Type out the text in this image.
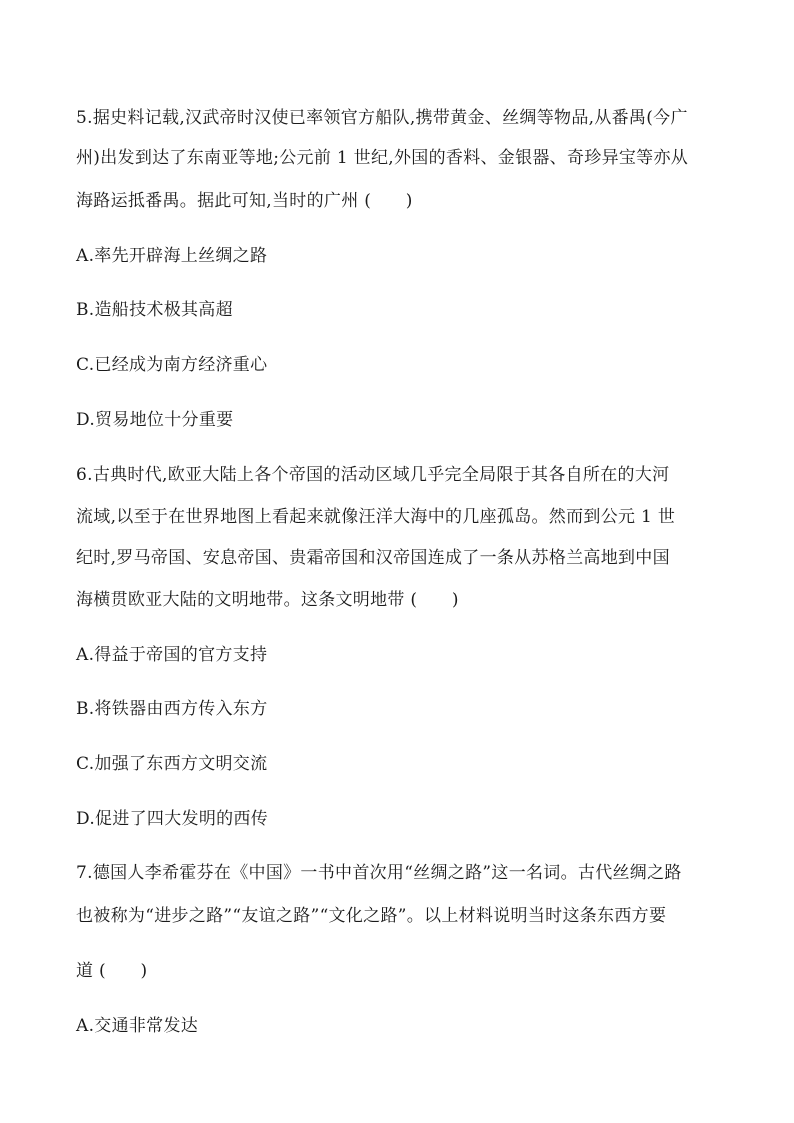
5.据史料记载,汉武帝时汉使已率领官方船队,携带黄金、丝绸等物品,从番禺(今广
州)出发到达了东南亚等地;公元前 1 世纪,外国的香料、金银器、奇珍异宝等亦从
海路运抵番禺。据此可知,当时的广州 (　　)
A.率先开辟海上丝绸之路
B.造船技术极其高超
C.已经成为南方经济重心
D.贸易地位十分重要
6.古典时代,欧亚大陆上各个帝国的活动区域几乎完全局限于其各自所在的大河
流域,以至于在世界地图上看起来就像汪洋大海中的几座孤岛。然而到公元 1 世
纪时,罗马帝国、安息帝国、贵霜帝国和汉帝国连成了一条从苏格兰高地到中国
海横贯欧亚大陆的文明地带。这条文明地带 (　　)
A.得益于帝国的官方支持
B.将铁器由西方传入东方
C.加强了东西方文明交流
D.促进了四大发明的西传
7.德国人李希霍芬在《中国》一书中首次用“丝绸之路”这一名词。古代丝绸之路
也被称为“进步之路”“友谊之路”“文化之路”。以上材料说明当时这条东西方要
道 (　　)
A.交通非常发达
